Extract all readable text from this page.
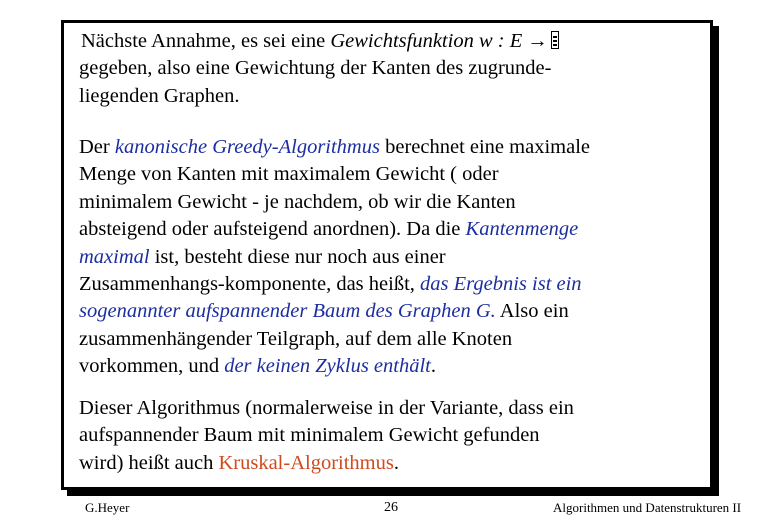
Nächste Annahme, es sei eine Gewichtsfunktion w : E →
gegeben, also eine Gewichtung der Kanten des zugrunde-
liegenden Graphen.
Der kanonische Greedy-Algorithmus berechnet eine maximale
Menge von Kanten mit maximalem Gewicht ( oder
minimalem Gewicht - je nachdem, ob wir die Kanten
absteigend oder aufsteigend anordnen). Da die Kantenmenge
maximal ist, besteht diese nur noch aus einer
Zusammenhangs-komponente, das heißt, das Ergebnis ist ein
sogenannter aufspannender Baum des Graphen G. Also ein
zusammenhängender Teilgraph, auf dem alle Knoten
vorkommen, und der keinen Zyklus enthält.
Dieser Algorithmus (normalerweise in der Variante, dass ein
aufspannender Baum mit minimalem Gewicht gefunden
wird) heißt auch Kruskal-Algorithmus.
G.Heyer	26	Algorithmen und Datenstrukturen II
